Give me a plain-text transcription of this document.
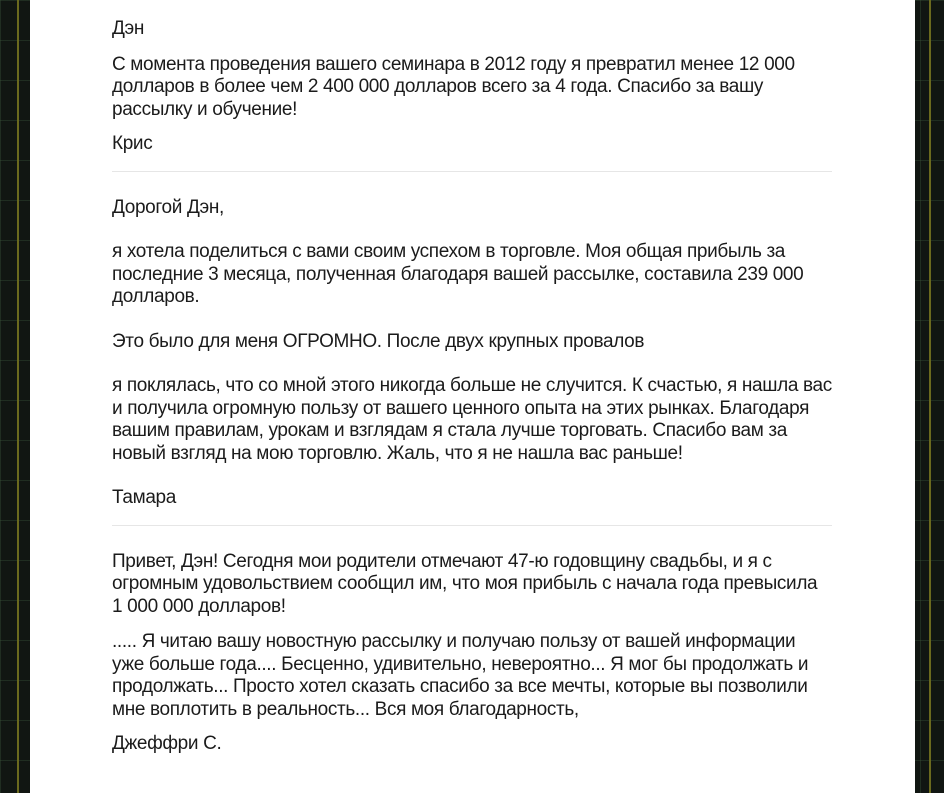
Дэн

С момента проведения вашего семинара в 2012 году я превратил менее 12 000 долларов в более чем 2 400 000 долларов всего за 4 года. Спасибо за вашу рассылку и обучение!

Крис

Дорогой Дэн,

я хотела поделиться с вами своим успехом в торговле. Моя общая прибыль за последние 3 месяца, полученная благодаря вашей рассылке, составила 239 000 долларов.

Это было для меня ОГРОМНО. После двух крупных провалов

я поклялась, что со мной этого никогда больше не случится. К счастью, я нашла вас и получила огромную пользу от вашего ценного опыта на этих рынках. Благодаря вашим правилам, урокам и взглядам я стала лучше торговать. Спасибо вам за новый взгляд на мою торговлю. Жаль, что я не нашла вас раньше!

Тамара

Привет, Дэн! Сегодня мои родители отмечают 47-ю годовщину свадьбы, и я с огромным удовольствием сообщил им, что моя прибыль с начала года превысила 1 000 000 долларов!

..... Я читаю вашу новостную рассылку и получаю пользу от вашей информации уже больше года.... Бесценно, удивительно, невероятно... Я мог бы продолжать и продолжать... Просто хотел сказать спасибо за все мечты, которые вы позволили мне воплотить в реальность... Вся моя благодарность,

Джеффри С.
